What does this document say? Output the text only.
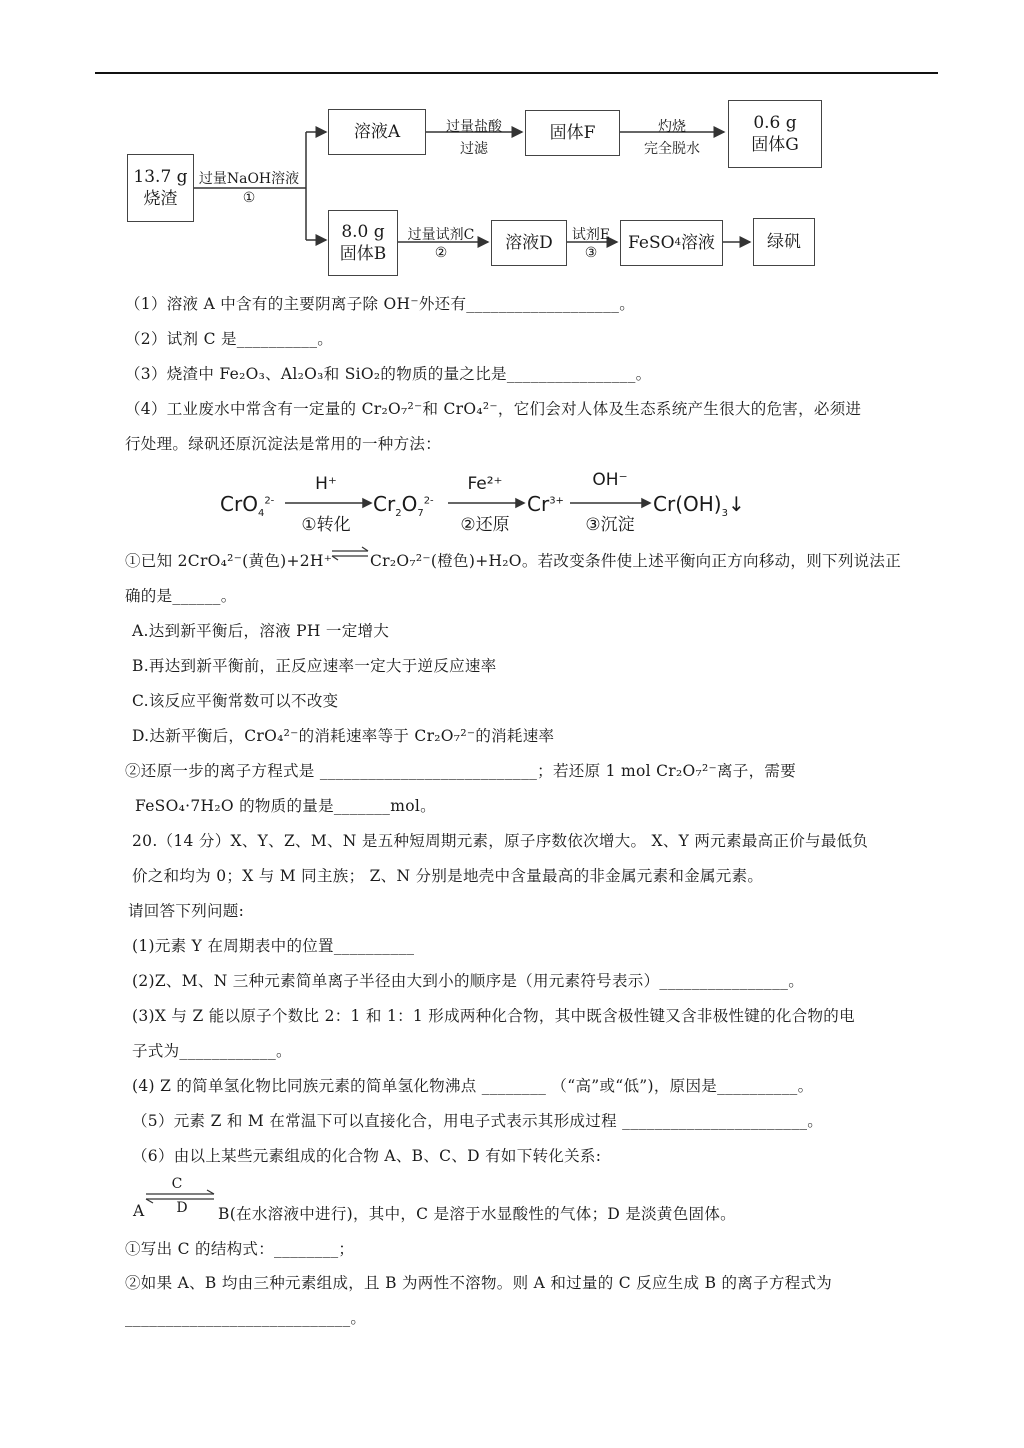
13.7 g
烧渣
过量NaOH溶液
①
溶液A	过量盐酸
过滤
固体F	灼烧
完全脱水
0.6 g
固体G
8.0 g
固体B
过量试剂C
②	溶液D	试剂E
③	FeSO 4 溶液	绿矾
（1）溶液 A 中含有的主要阴离子除 OH⁻外还有___________________。
（2）试剂 C 是__________。
（3）烧渣中 Fe₂O₃、Al₂O₃和 SiO₂的物质的量之比是________________。
（4）工业废水中常含有一定量的 Cr₂O₇²⁻和 CrO₄²⁻，它们会对人体及生态系统产生很大的危害，必须进
行处理。绿矾还原沉淀法是常用的一种方法：
CrO$_4^{2-}$
H⁺
①转化
$Cr_2O_7^{2-}$
Fe²⁺
②还原
$Cr^{3+}$
OH⁻
③沉淀
$Cr(OH)_3↓$
①已知 2CrO₄²⁻(黄色)+2H⁺ Cr₂O₇²⁻(橙色)+H₂O。若改变条件使上述平衡向正方向移动，则下列说法正
确的是______。
A.达到新平衡后，溶液 PH 一定增大
B.再达到新平衡前，正反应速率一定大于逆反应速率
C.该反应平衡常数可以不改变
D.达新平衡后，CrO₄²⁻的消耗速率等于 Cr₂O₇²⁻的消耗速率
②还原一步的离子方程式是 ___________________________；若还原 1 mol Cr₂O₇²⁻离子，需要
FeSO₄·7H₂O 的物质的量是_______mol。
20.（14 分）X、Y、Z、M、N 是五种短周期元素，原子序数依次增大。 X、Y 两元素最高正价与最低负
价之和均为 0；X 与 M 同主族； Z、N 分别是地壳中含量最高的非金属元素和金属元素。
请回答下列问题:
(1)元素 Y 在周期表中的位置__________
(2)Z、M、N 三种元素简单离子半径由大到小的顺序是（用元素符号表示）________________。
(3)X 与 Z 能以原子个数比 2：1 和 1：1 形成两种化合物，其中既含极性键又含非极性键的化合物的电
子式为____________。
(4) Z 的简单氢化物比同族元素的简单氢化物沸点 ________ （“高”或“低”)，原因是__________。
（5）元素 Z 和 M 在常温下可以直接化合，用电子式表示其形成过程 _______________________。
（6）由以上某些元素组成的化合物 A、B、C、D 有如下转化关系:
A
C
D	B(在水溶液中进行)，其中，C 是溶于水显酸性的气体；D 是淡黄色固体。
①写出 C 的结构式：________；
②如果 A、B 均由三种元素组成，且 B 为两性不溶物。则 A 和过量的 C 反应生成 B 的离子方程式为
____________________________。
